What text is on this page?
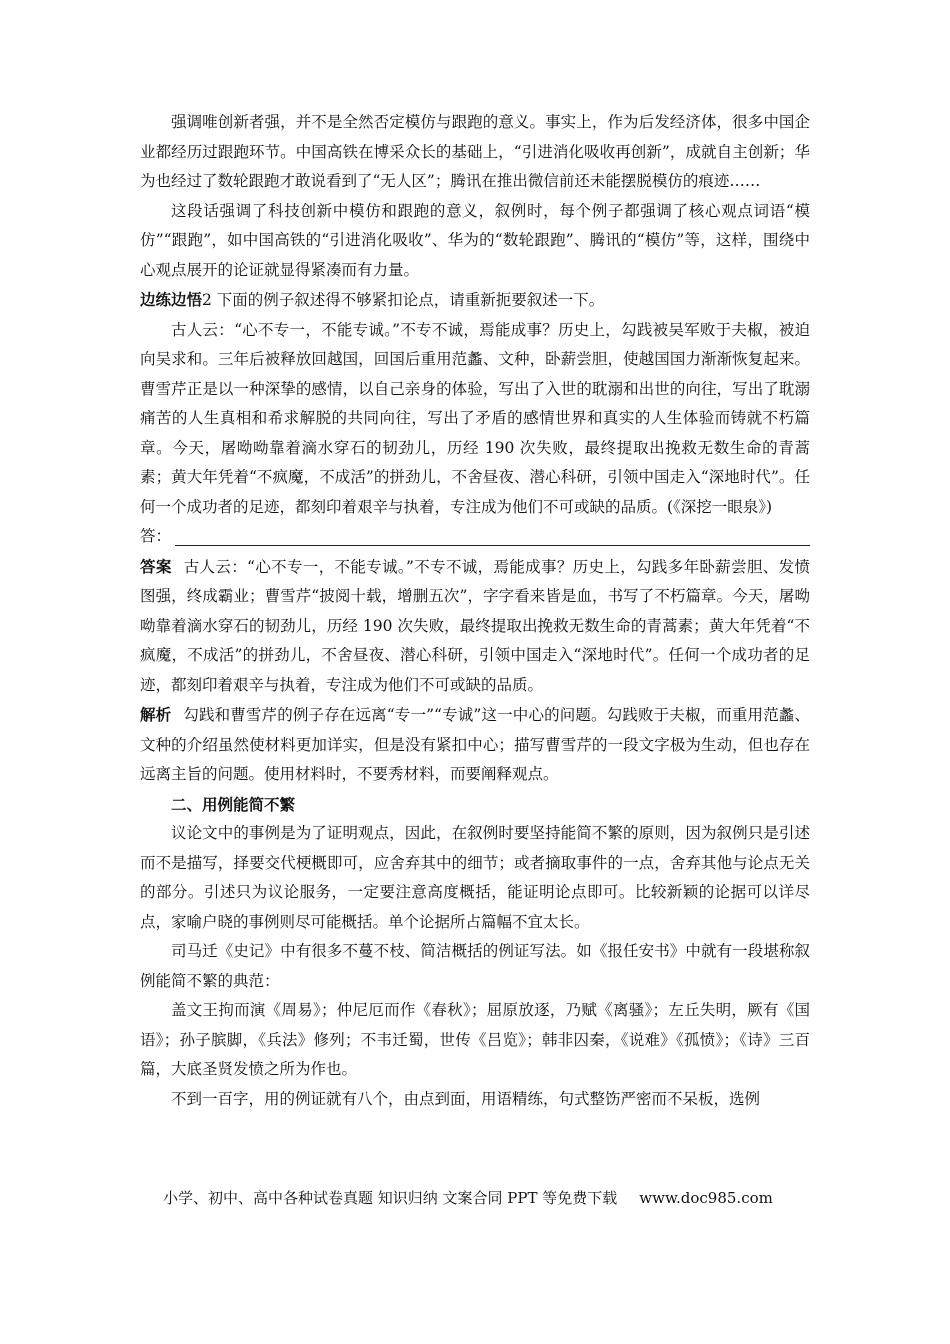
强调唯创新者强，并不是全然否定模仿与跟跑的意义。事实上，作为后发经济体，很多中国企业都经历过跟跑环节。中国高铁在博采众长的基础上，“引进消化吸收再创新”，成就自主创新；华为也经过了数轮跟跑才敢说看到了“无人区”；腾讯在推出微信前还未能摆脱模仿的痕迹……

这段话强调了科技创新中模仿和跟跑的意义，叙例时，每个例子都强调了核心观点词语“模仿”“跟跑”，如中国高铁的“引进消化吸收”、华为的“数轮跟跑”、腾讯的“模仿”等，这样，围绕中心观点展开的论证就显得紧凑而有力量。

边练边悟2 下面的例子叙述得不够紧扣论点，请重新扼要叙述一下。

古人云：“心不专一，不能专诚。”不专不诚，焉能成事？历史上，勾践被吴军败于夫椒，被迫向吴求和。三年后被释放回越国，回国后重用范蠡、文种，卧薪尝胆，使越国国力渐渐恢复起来。曹雪芹正是以一种深挚的感情，以自己亲身的体验，写出了入世的耽溺和出世的向往，写出了耽溺痛苦的人生真相和希求解脱的共同向往，写出了矛盾的感情世界和真实的人生体验而铸就不朽篇章。今天，屠呦呦靠着滴水穿石的韧劲儿，历经 190 次失败，最终提取出挽救无数生命的青蒿素；黄大年凭着“不疯魔，不成活”的拼劲儿，不舍昼夜、潜心科研，引领中国走入“深地时代”。任何一个成功者的足迹，都刻印着艰辛与执着，专注成为他们不可或缺的品质。(《深挖一眼泉》)

答：

答案 古人云：“心不专一，不能专诚。”不专不诚，焉能成事？历史上，勾践多年卧薪尝胆、发愤图强，终成霸业；曹雪芹“披阅十载，增删五次”，字字看来皆是血，书写了不朽篇章。今天，屠呦呦靠着滴水穿石的韧劲儿，历经 190 次失败，最终提取出挽救无数生命的青蒿素；黄大年凭着“不疯魔，不成活”的拼劲儿，不舍昼夜、潜心科研，引领中国走入“深地时代”。任何一个成功者的足迹，都刻印着艰辛与执着，专注成为他们不可或缺的品质。

解析 勾践和曹雪芹的例子存在远离“专一”“专诚”这一中心的问题。勾践败于夫椒，而重用范蠡、文种的介绍虽然使材料更加详实，但是没有紧扣中心；描写曹雪芹的一段文字极为生动，但也存在远离主旨的问题。使用材料时，不要秀材料，而要阐释观点。

二、用例能简不繁

议论文中的事例是为了证明观点，因此，在叙例时要坚持能简不繁的原则，因为叙例只是引述而不是描写，择要交代梗概即可，应舍弃其中的细节；或者摘取事件的一点，舍弃其他与论点无关的部分。引述只为议论服务，一定要注意高度概括，能证明论点即可。比较新颖的论据可以详尽点，家喻户晓的事例则尽可能概括。单个论据所占篇幅不宜太长。

司马迁《史记》中有很多不蔓不枝、简洁概括的例证写法。如《报任安书》中就有一段堪称叙例能简不繁的典范：

盖文王拘而演《周易》；仲尼厄而作《春秋》；屈原放逐，乃赋《离骚》；左丘失明，厥有《国语》；孙子膑脚，《兵法》修列；不韦迁蜀，世传《吕览》；韩非囚秦，《说难》《孤愤》；《诗》三百篇，大底圣贤发愤之所为作也。

不到一百字，用的例证就有八个，由点到面，用语精练，句式整饬严密而不呆板，选例

小学、初中、高中各种试卷真题 知识归纳 文案合同 PPT 等免费下载 www.doc985.com
